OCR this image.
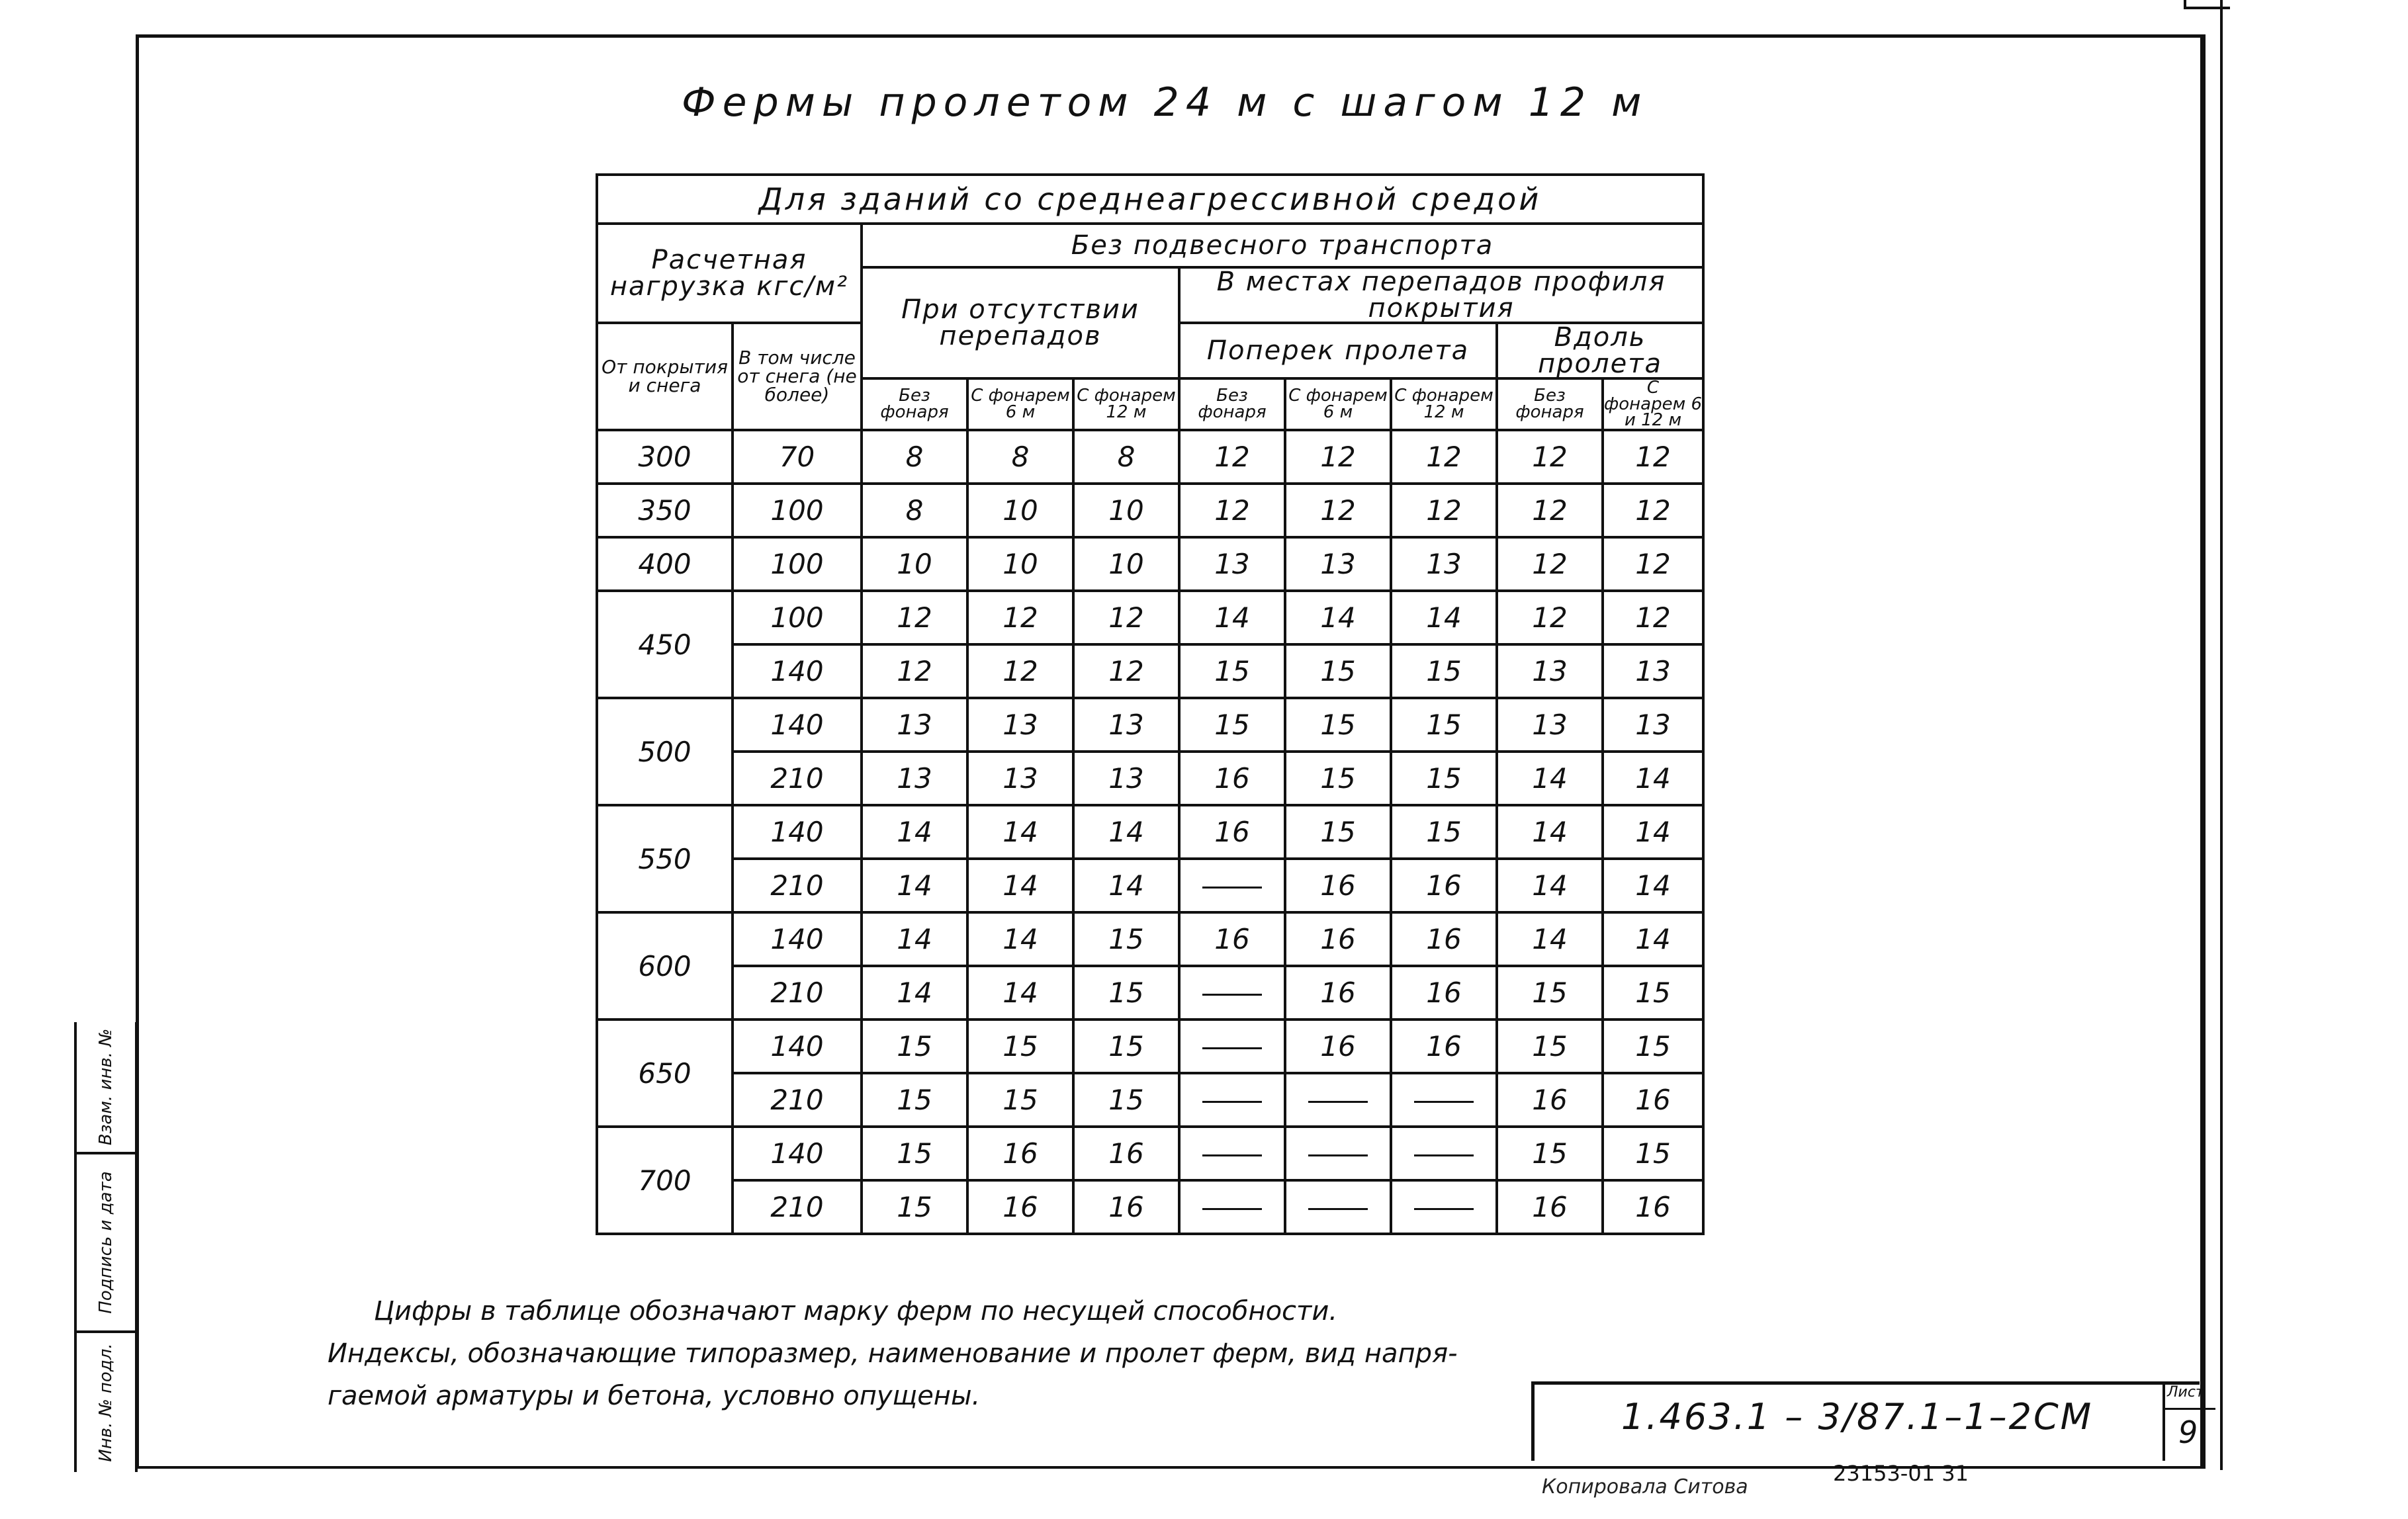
Фермы пролетом 24 м с шагом 12 м
Для зданий со среднеагрессивной средой									
Расчетная нагрузка кгс/м²		Без подвесного транспорта							
		При отсутствии перепадов			В местах перепадов профиля покрытия				
От покрытия и снега	В том числе от снега (не более)				Поперек пролета			Вдоль пролета	
		Без фонаря	С фонарем 6 м	С фонарем 12 м	Без фонаря	С фонарем 6 м	С фонарем 12 м	Без фонаря	С фонарем 6 и 12 м
300	70	8	8	8	12	12	12	12	12
350	100	8	10	10	12	12	12	12	12
400	100	10	10	10	13	13	13	12	12
450	100	12	12	12	14	14	14	12	12
	140	12	12	12	15	15	15	13	13
500	140	13	13	13	15	15	15	13	13
	210	13	13	13	16	15	15	14	14
550	140	14	14	14	16	15	15	14	14
	210	14	14	14		16	16	14	14
600	140	14	14	15	16	16	16	14	14
	210	14	14	15		16	16	15	15
650	140	15	15	15		16	16	15	15
	210	15	15	15				16	16
700	140	15	16	16				15	15
	210	15	16	16				16	16
Цифры в таблице обозначают марку ферм по несущей способности.
Индексы, обозначающие типоразмер, наименование и пролет ферм, вид напря-
гаемой арматуры и бетона, условно опущены.	1.463.1 – 3/87.1–1–2СМ
Лист
9
23153-01 31
Копировала Ситова
Взам. инв. №
Подпись и дата
Инв. № подл.
